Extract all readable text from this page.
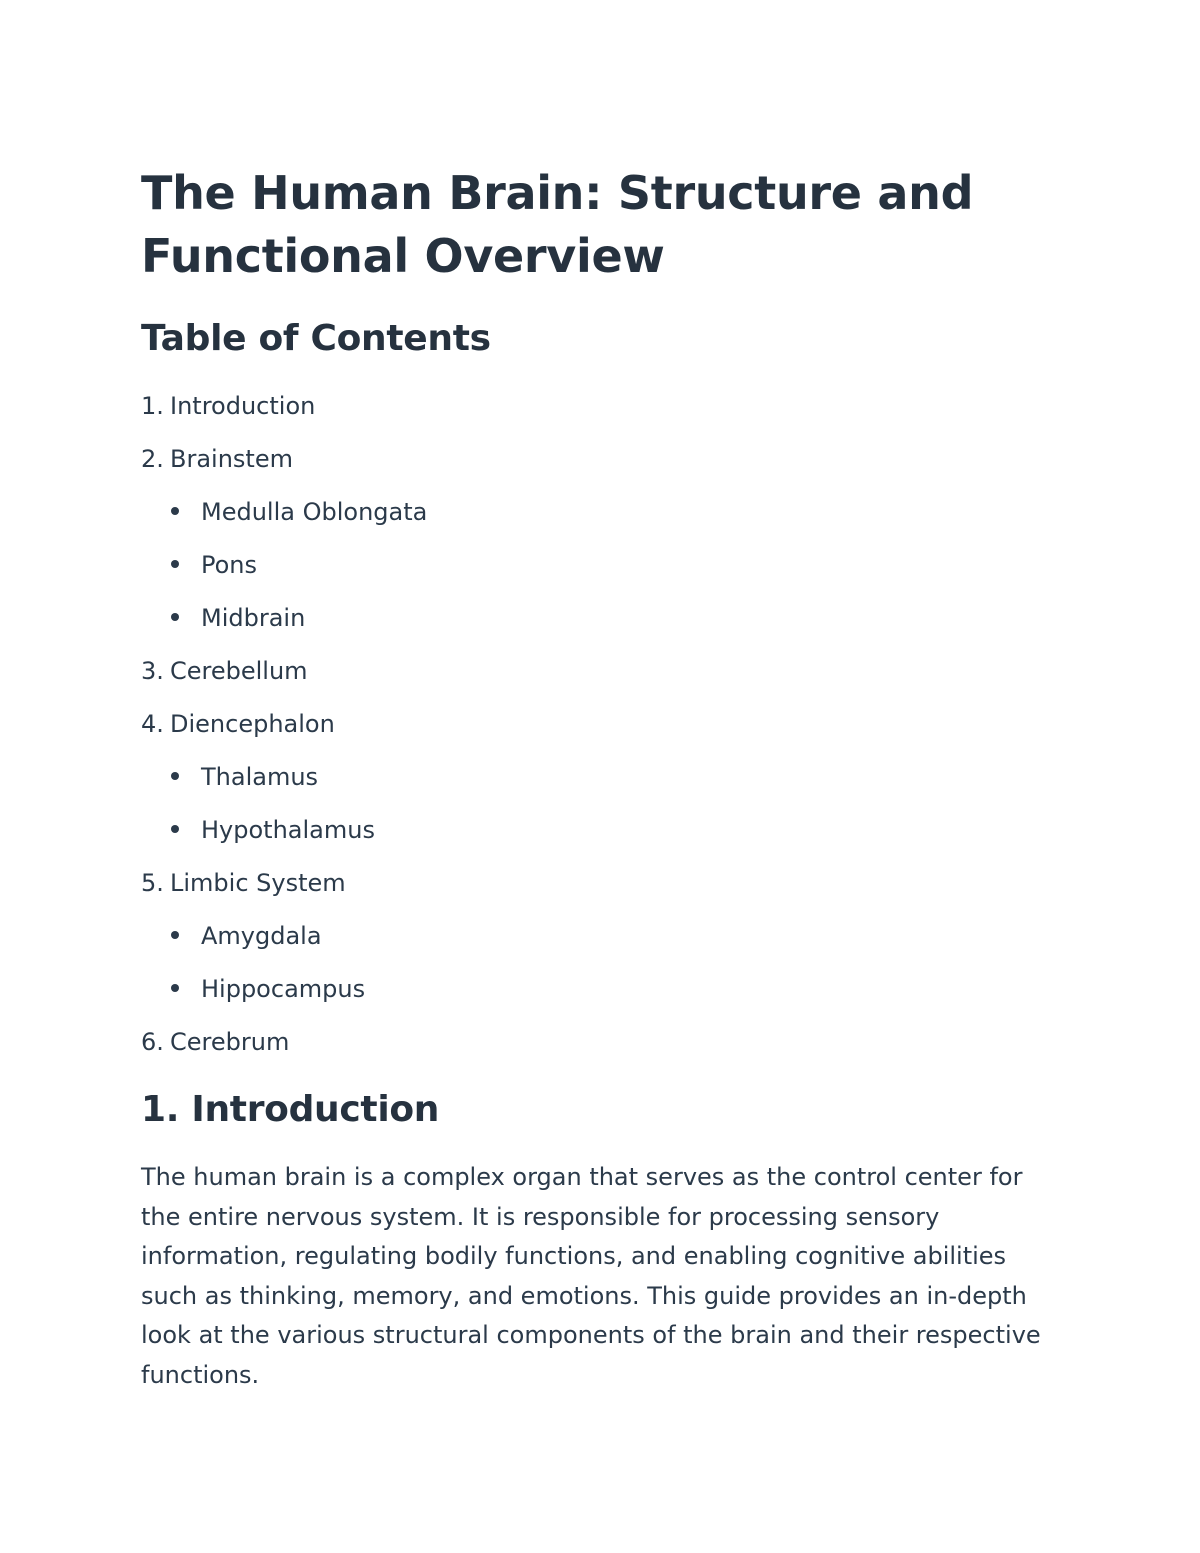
The Human Brain: Structure and Functional Overview
Table of Contents
1. Introduction
2. Brainstem
Medulla Oblongata
Pons
Midbrain
3. Cerebellum
4. Diencephalon
Thalamus
Hypothalamus
5. Limbic System
Amygdala
Hippocampus
6. Cerebrum
1. Introduction

The human brain is a complex organ that serves as the control center for the entire nervous system. It is responsible for processing sensory information, regulating bodily functions, and enabling cognitive abilities such as thinking, memory, and emotions. This guide provides an in-depth look at the various structural components of the brain and their respective functions.
